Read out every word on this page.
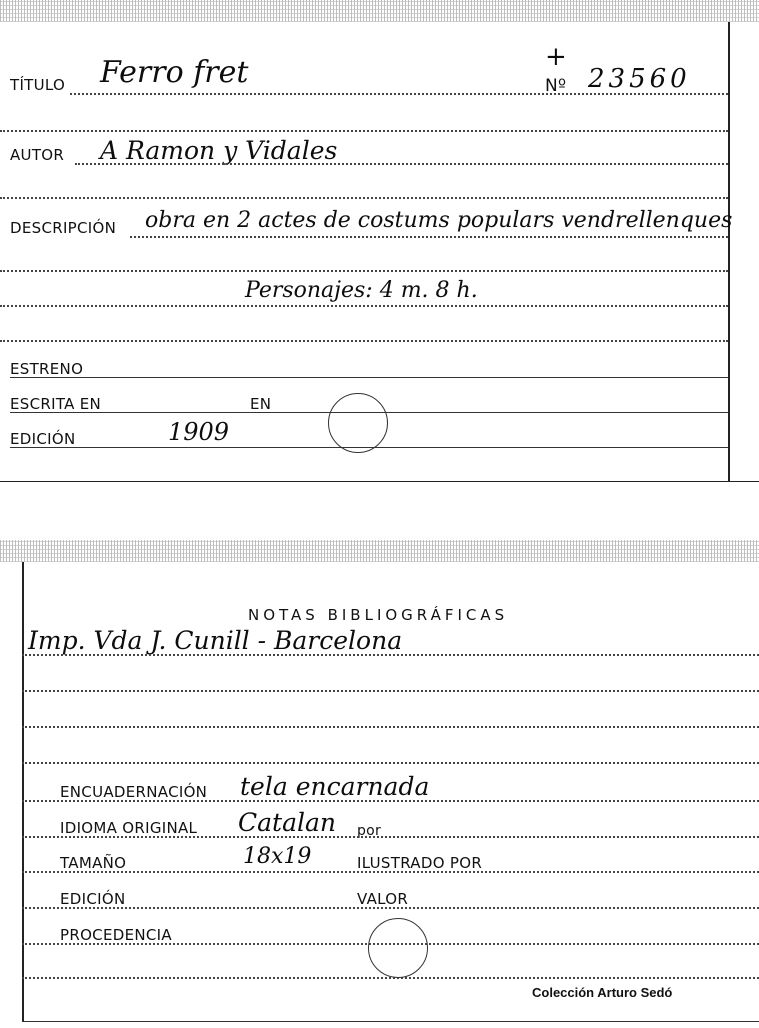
TÍTULO Ferro fret	Nº 23560
+
AUTOR A Ramon y Vidales
DESCRIPCIÓN obra en 2 actes de costums populars vendrellenques
Personajes: 4 m. 8 h.
ESTRENO
ESCRITA EN	EN
EDICIÓN	1909
NOTAS BIBLIOGRÁFICAS
Imp. Vda J. Cunill - Barcelona
ENCUADERNACIÓN tela encarnada
IDIOMA ORIGINAL Catalan por
TAMAÑO	18x19	ILUSTRADO POR
EDICIÓN	VALOR
PROCEDENCIA
Colección Arturo Sedó
